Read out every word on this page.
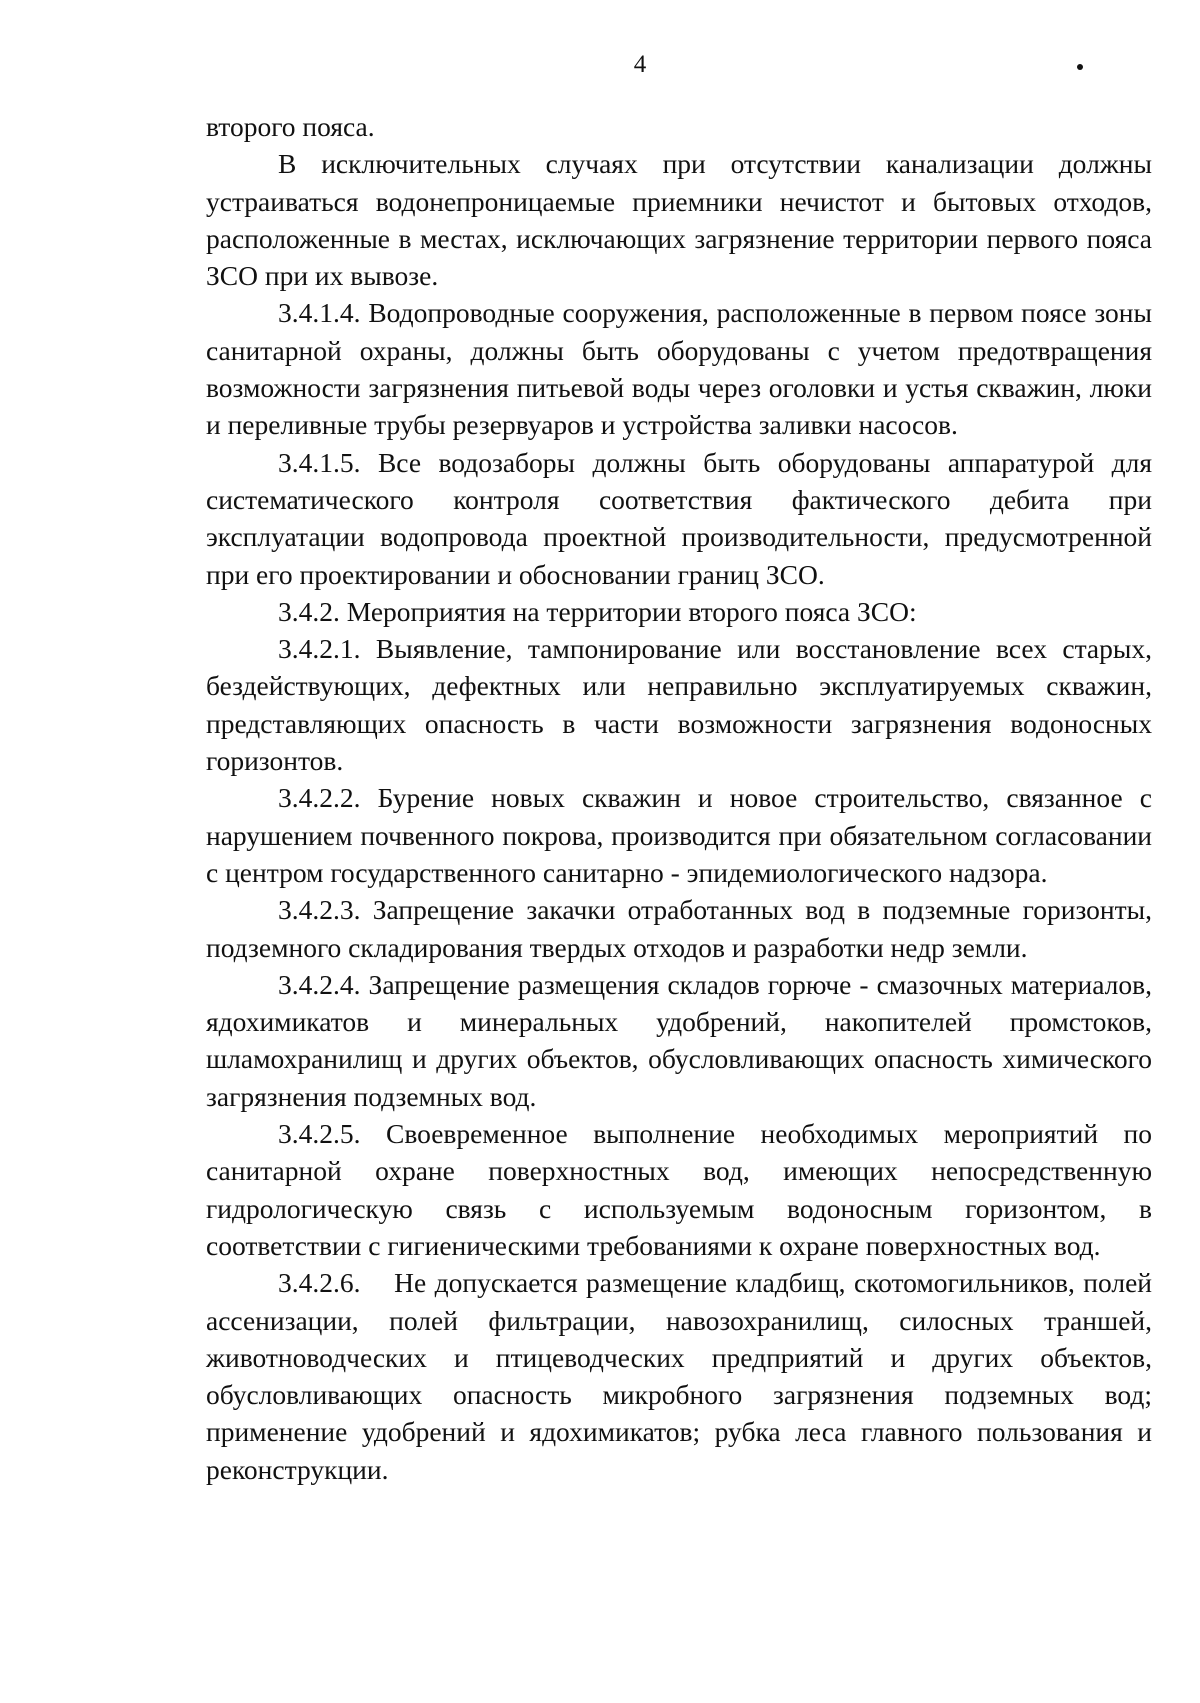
4

второго пояса.

В исключительных случаях при отсутствии канализации должны устраиваться водонепроницаемые приемники нечистот и бытовых отходов, расположенные в местах, исключающих загрязнение территории первого пояса ЗСО при их вывозе.

3.4.1.4. Водопроводные сооружения, расположенные в первом поясе зоны санитарной охраны, должны быть оборудованы с учетом предотвращения возможности загрязнения питьевой воды через оголовки и устья скважин, люки и переливные трубы резервуаров и устройства заливки насосов.

3.4.1.5. Все водозаборы должны быть оборудованы аппаратурой для систематического контроля соответствия фактического дебита при эксплуатации водопровода проектной производительности, предусмотренной при его проектировании и обосновании границ ЗСО.

3.4.2. Мероприятия на территории второго пояса ЗСО:

3.4.2.1. Выявление, тампонирование или восстановление всех старых, бездействующих, дефектных или неправильно эксплуатируемых скважин, представляющих опасность в части возможности загрязнения водоносных горизонтов.

3.4.2.2. Бурение новых скважин и новое строительство, связанное с нарушением почвенного покрова, производится при обязательном согласовании с центром государственного санитарно - эпидемиологического надзора.

3.4.2.3. Запрещение закачки отработанных вод в подземные горизонты, подземного складирования твердых отходов и разработки недр земли.

3.4.2.4. Запрещение размещения складов горюче - смазочных материалов, ядохимикатов и минеральных удобрений, накопителей промстоков, шламохранилищ и других объектов, обусловливающих опасность химического загрязнения подземных вод.

3.4.2.5. Своевременное выполнение необходимых мероприятий по санитарной охране поверхностных вод, имеющих непосредственную гидрологическую связь с используемым водоносным горизонтом, в соответствии с гигиеническими требованиями к охране поверхностных вод.

3.4.2.6.    Не допускается размещение кладбищ, скотомогильников, полей ассенизации, полей фильтрации, навозохранилищ, силосных траншей, животноводческих и птицеводческих предприятий и других объектов, обусловливающих опасность микробного загрязнения подземных вод; применение удобрений и ядохимикатов; рубка леса главного пользования и реконструкции.
